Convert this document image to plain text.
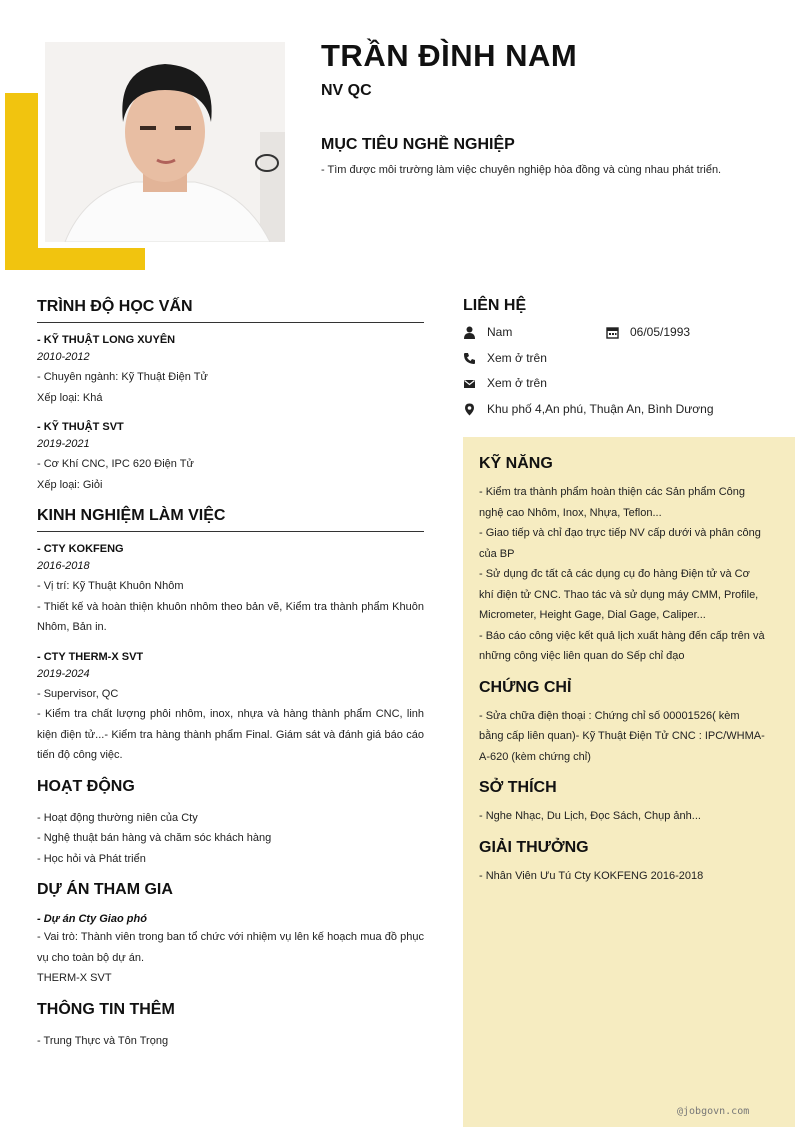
TRẦN ĐÌNH NAM
NV QC
MỤC TIÊU NGHỀ NGHIỆP
- Tìm được môi trường làm việc chuyên nghiệp hòa đồng và cùng nhau phát triển.
TRÌNH ĐỘ HỌC VẤN
- KỸ THUẬT LONG XUYÊN
2010-2012
- Chuyên ngành: Kỹ Thuật Điện Tử
Xếp loại: Khá
- KỸ THUẬT SVT
2019-2021
- Cơ Khí CNC, IPC 620 Điện Tử
Xếp loại: Giỏi
KINH NGHIỆM LÀM VIỆC
- CTY KOKFENG
2016-2018
- Vị trí: Kỹ Thuật Khuôn Nhôm
- Thiết kế và hoàn thiện khuôn nhôm theo bản vẽ, Kiểm tra thành phẩm Khuôn Nhôm, Bản in.
- CTY THERM-X SVT
2019-2024
- Supervisor, QC
- Kiểm tra chất lượng phôi nhôm, inox, nhựa và hàng thành phẩm CNC, linh kiện điện tử...- Kiểm tra hàng thành phẩm Final. Giám sát và đánh giá báo cáo tiến độ công việc.
HOẠT ĐỘNG
- Hoạt động thường niên của Cty
- Nghệ thuật bán hàng và chăm sóc khách hàng
- Học hỏi và Phát triển
DỰ ÁN THAM GIA
- Dự án Cty Giao phó
- Vai trò: Thành viên trong ban tổ chức với nhiệm vụ lên kế hoạch mua đồ phục vụ cho toàn bộ dự án.
THERM-X SVT
THÔNG TIN THÊM
- Trung Thực và Tôn Trọng
LIÊN HỆ
Nam	06/05/1993
Xem ở trên
Xem ở trên
Khu phố 4,An phú, Thuận An, Bình Dương
KỸ NĂNG
- Kiểm tra thành phẩm hoàn thiện các Sản phẩm Công nghệ cao Nhôm, Inox, Nhựa, Teflon...
- Giao tiếp và chỉ đạo trực tiếp NV cấp dưới và phân công của BP
- Sử dụng đc tất cả các dụng cụ đo hàng Điện tử và Cơ khí điện tử CNC. Thao tác và sử dụng máy CMM, Profile, Micrometer, Height Gage, Dial Gage, Caliper...
- Báo cáo công việc kết quả lịch xuất hàng đến cấp trên và những công việc liên quan do Sếp chỉ đạo
CHỨNG CHỈ
- Sửa chữa điện thoại : Chứng chỉ số 00001526( kèm bằng cấp liên quan)- Kỹ Thuật Điện Tử CNC : IPC/WHMA-A-620 (kèm chứng chỉ)
SỞ THÍCH
- Nghe Nhạc, Du Lịch, Đọc Sách, Chụp ảnh...
GIẢI THƯỞNG
- Nhân Viên Ưu Tú Cty KOKFENG 2016-2018
@jobgovn.com
